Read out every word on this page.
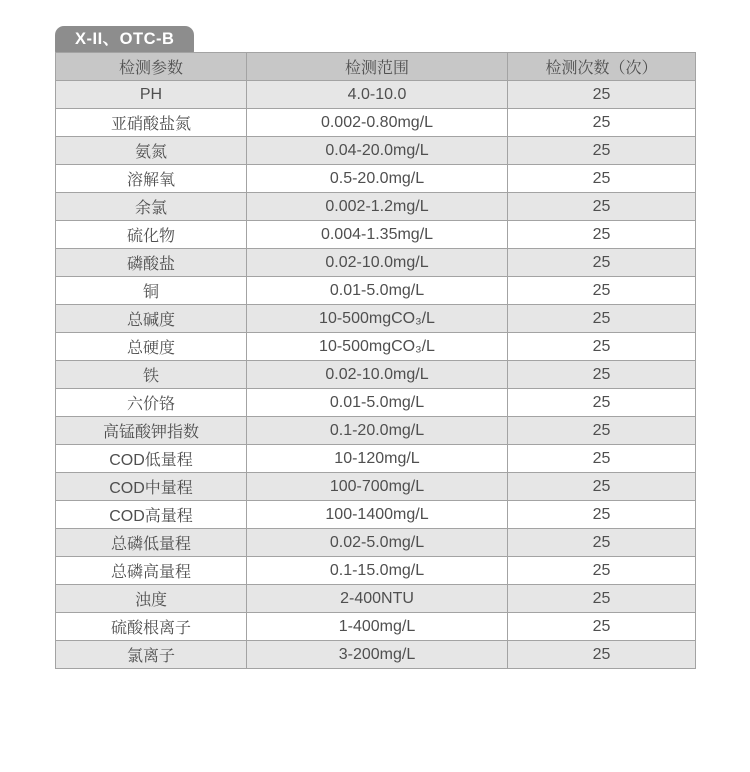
X-II、OTC-B
检测参数	检测范围	检测次数（次）
PH	4.0-10.0	25
亚硝酸盐氮	0.002-0.80mg/L	25
氨氮	0.04-20.0mg/L	25
溶解氧	0.5-20.0mg/L	25
余氯	0.002-1.2mg/L	25
硫化物	0.004-1.35mg/L	25
磷酸盐	0.02-10.0mg/L	25
铜	0.01-5.0mg/L	25
总碱度	10-500mgCO₃/L	25
总硬度	10-500mgCO₃/L	25
铁	0.02-10.0mg/L	25
六价铬	0.01-5.0mg/L	25
高锰酸钾指数	0.1-20.0mg/L	25
COD低量程	10-120mg/L	25
COD中量程	100-700mg/L	25
COD高量程	100-1400mg/L	25
总磷低量程	0.02-5.0mg/L	25
总磷高量程	0.1-15.0mg/L	25
浊度	2-400NTU	25
硫酸根离子	1-400mg/L	25
氯离子	3-200mg/L	25
